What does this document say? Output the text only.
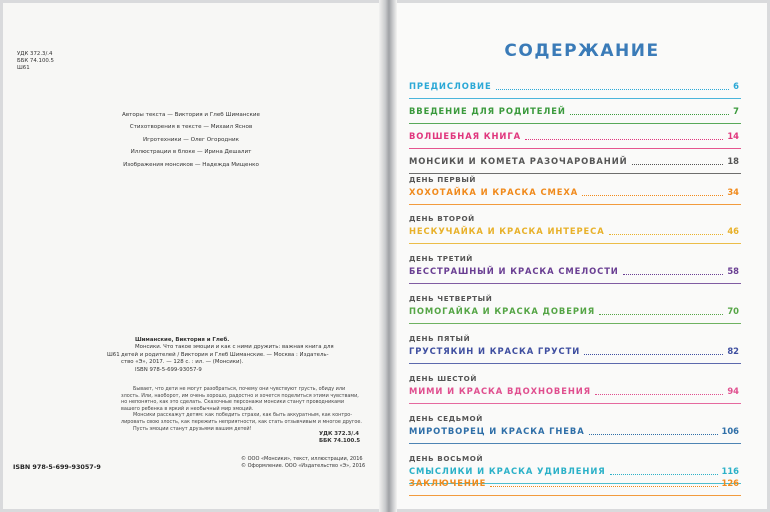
УДК 372.3/.4
ББК 74.100.5
Ш61
Авторы текста — Виктория и Глеб Шиманские
Стихотворения в тексте — Михаил Яснов
Игротехники — Олег Огородник
Иллюстрации в блоке — Ирина Дешалит
Изображения монсиков — Надежда Мищенко
Ш61
Шиманские, Виктория и Глеб.
Монсики. Что такое эмоции и как с ними дружить: важная книга для
детей и родителей / Виктория и Глеб Шиманские. — Москва : Издатель-
ство «Э», 2017. — 128 с. : ил. — (Монсики).
ISBN 978-5-699-93057-9
Бывает, что дети не могут разобраться, почему они чувствуют грусть, обиду или
злость. Или, наоборот, им очень хорошо, радостно и хочется поделиться этими чувствами,
но непонятно, как это сделать. Сказочные персонажи монсики станут проводниками
вашего ребенка в яркий и необычный мир эмоций.
Монсики расскажут детям: как победить страхи, как быть аккуратным, как контро-
лировать свою злость, как пережить неприятности, как стать отзывчивым и многое другое.
Пусть эмоции станут друзьями вашим детей!
УДК 372.3/.4
ББК 74.100.5
© ООО «Монсики», текст, иллюстрации, 2016
© Оформление. ООО «Издательство «Э», 2016
ISBN 978-5-699-93057-9
СОДЕРЖАНИЕ
ПРЕДИСЛОВИЕ	6
ВВЕДЕНИЕ ДЛЯ РОДИТЕЛЕЙ	7
ВОЛШЕБНАЯ КНИГА	14
МОНСИКИ И КОМЕТА РАЗОЧАРОВАНИЙ	18
ДЕНЬ ПЕРВЫЙ
ХОХОТАЙКА И КРАСКА СМЕХА	34
ДЕНЬ ВТОРОЙ
НЕСКУЧАЙКА И КРАСКА ИНТЕРЕСА	46
ДЕНЬ ТРЕТИЙ
БЕССТРАШНЫЙ И КРАСКА СМЕЛОСТИ	58
ДЕНЬ ЧЕТВЕРТЫЙ
ПОМОГАЙКА И КРАСКА ДОВЕРИЯ	70
ДЕНЬ ПЯТЫЙ
ГРУСТЯКИН И КРАСКА ГРУСТИ	82
ДЕНЬ ШЕСТОЙ
МИМИ И КРАСКА ВДОХНОВЕНИЯ	94
ДЕНЬ СЕДЬМОЙ
МИРОТВОРЕЦ И КРАСКА ГНЕВА	106
ДЕНЬ ВОСЬМОЙ
СМЫСЛИКИ И КРАСКА УДИВЛЕНИЯ	116
ЗАКЛЮЧЕНИЕ	126
